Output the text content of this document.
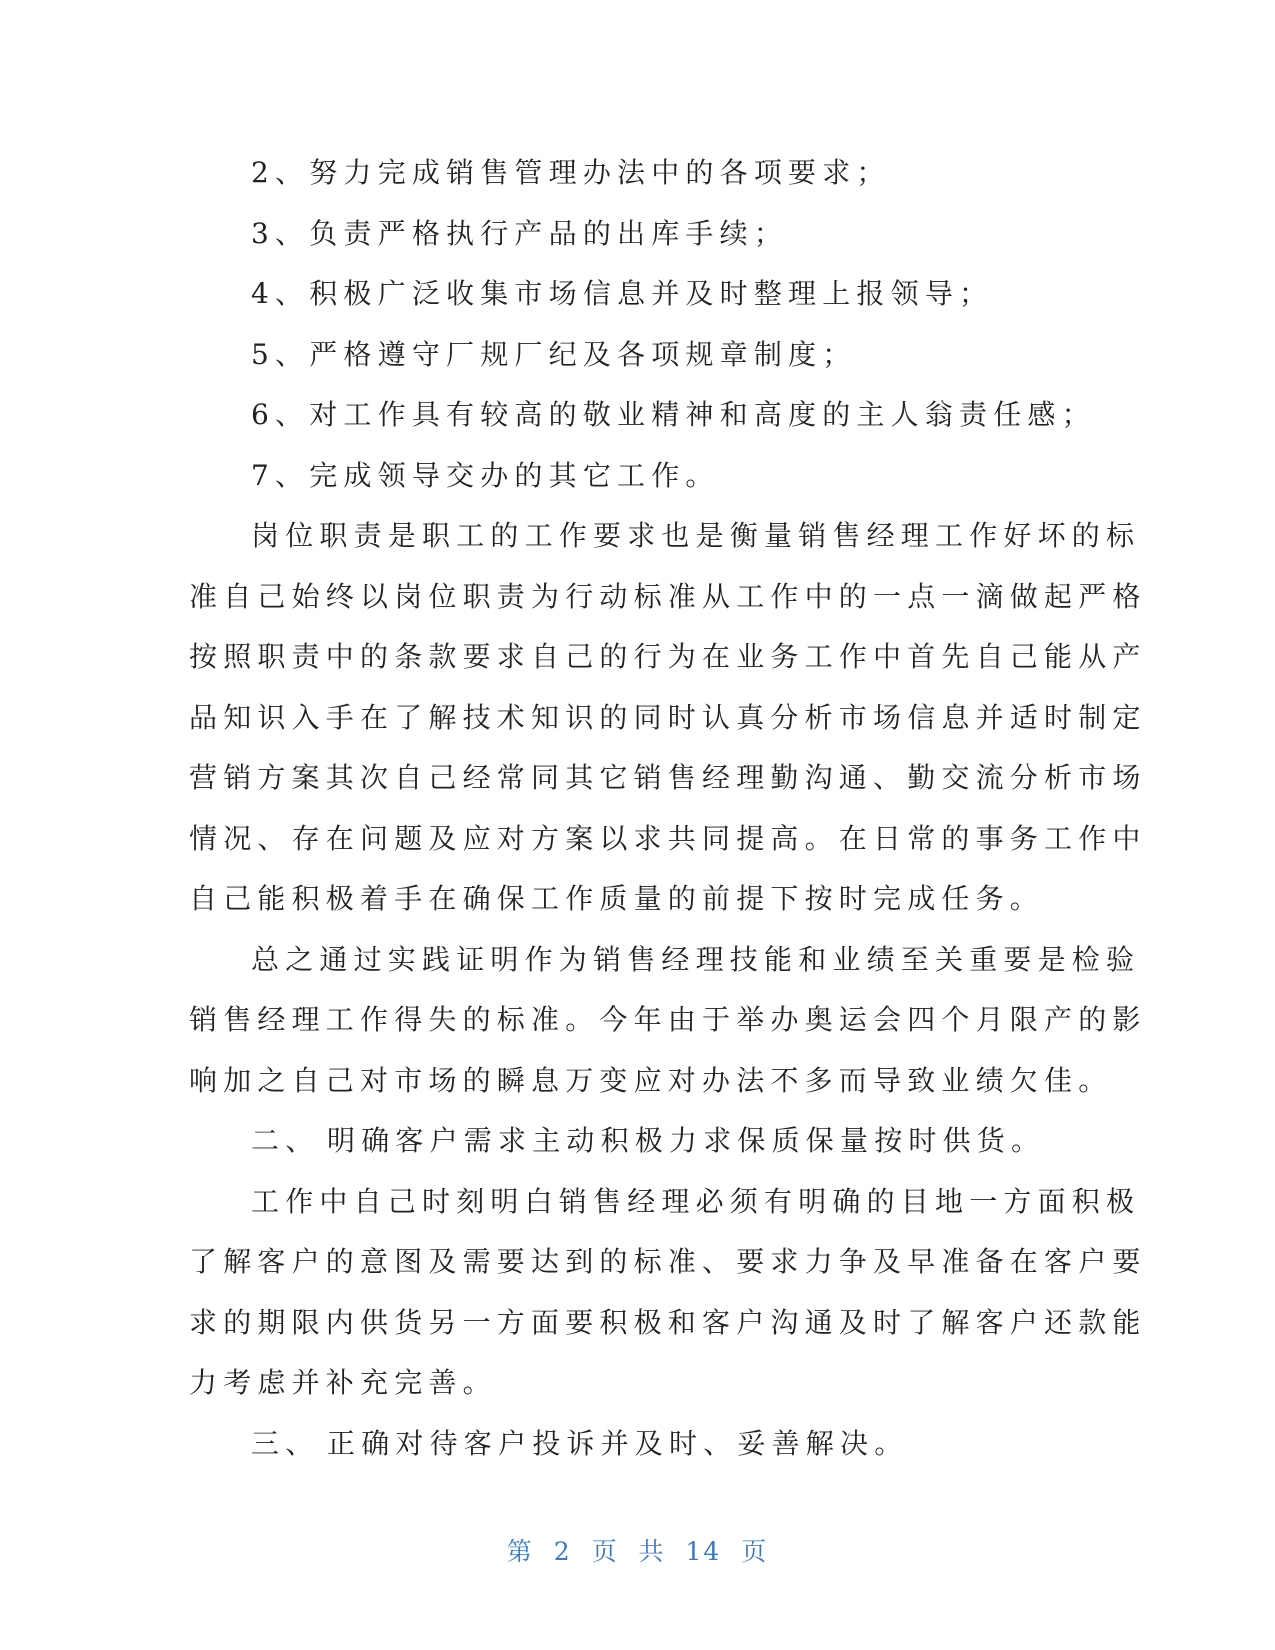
2、努力完成销售管理办法中的各项要求；

3、负责严格执行产品的出库手续；

4、积极广泛收集市场信息并及时整理上报领导；

5、严格遵守厂规厂纪及各项规章制度；

6、对工作具有较高的敬业精神和高度的主人翁责任感；

7、完成领导交办的其它工作。

岗位职责是职工的工作要求也是衡量销售经理工作好坏的标

准自己始终以岗位职责为行动标准从工作中的一点一滴做起严格

按照职责中的条款要求自己的行为在业务工作中首先自己能从产

品知识入手在了解技术知识的同时认真分析市场信息并适时制定

营销方案其次自己经常同其它销售经理勤沟通、勤交流分析市场

情况、存在问题及应对方案以求共同提高。在日常的事务工作中

自己能积极着手在确保工作质量的前提下按时完成任务。

总之通过实践证明作为销售经理技能和业绩至关重要是检验

销售经理工作得失的标准。今年由于举办奥运会四个月限产的影

响加之自己对市场的瞬息万变应对办法不多而导致业绩欠佳。

二、 明确客户需求主动积极力求保质保量按时供货。

工作中自己时刻明白销售经理必须有明确的目地一方面积极

了解客户的意图及需要达到的标准、要求力争及早准备在客户要

求的期限内供货另一方面要积极和客户沟通及时了解客户还款能

力考虑并补充完善。

三、 正确对待客户投诉并及时、妥善解决。

第 2 页 共 14 页
